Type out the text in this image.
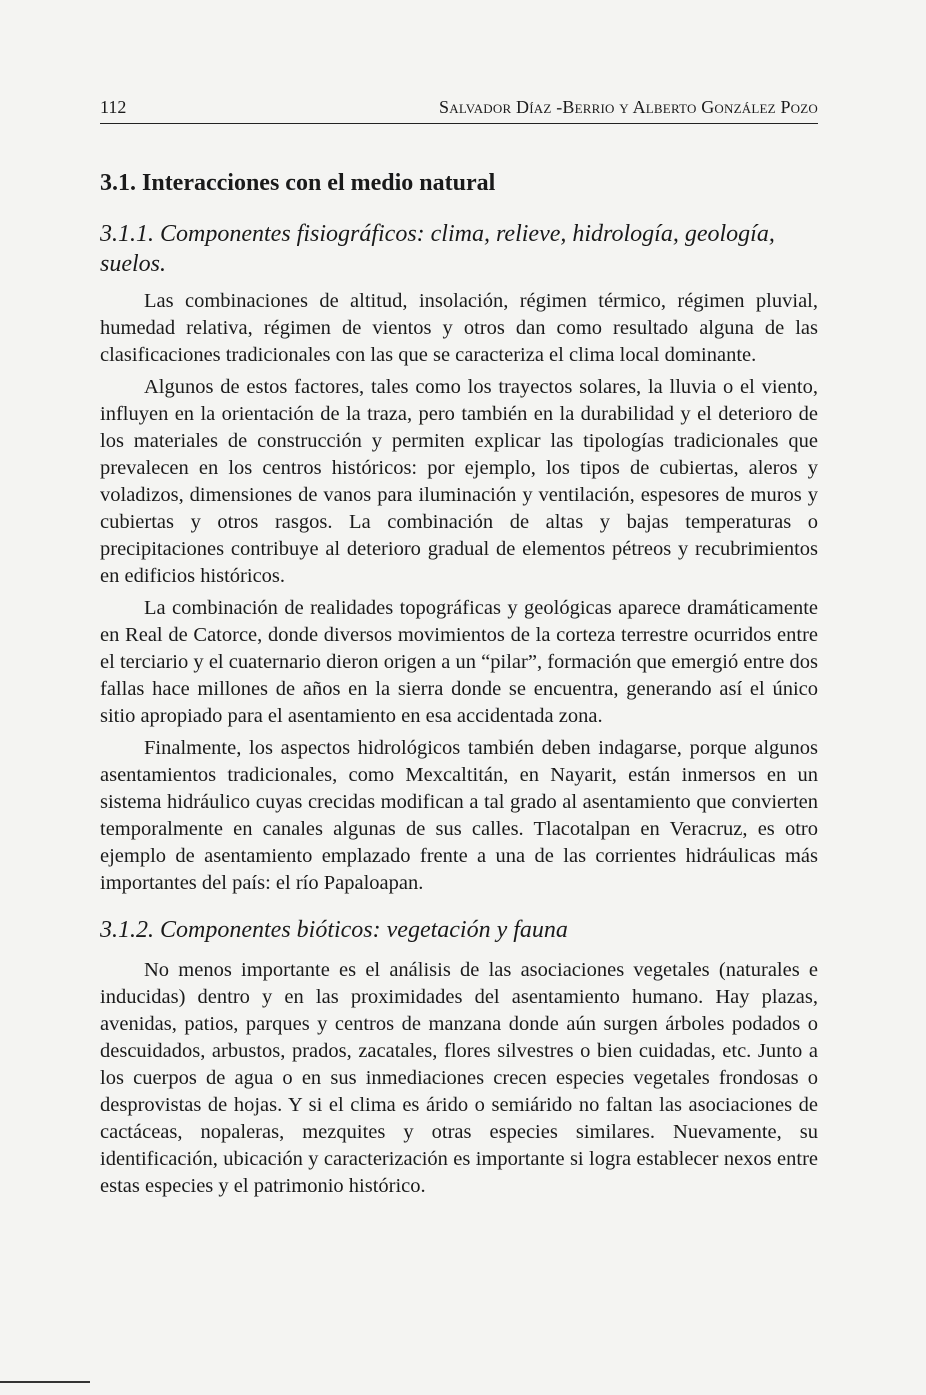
112	Salvador Díaz -Berrio y Alberto González Pozo
3.1. Interacciones con el medio natural
3.1.1. Componentes fisiográficos: clima, relieve, hidrología, geología, suelos.

Las combinaciones de altitud, insolación, régimen térmico, régimen pluvial, humedad relativa, régimen de vientos y otros dan como resultado alguna de las clasificaciones tradicionales con las que se caracteriza el clima local dominante.

Algunos de estos factores, tales como los trayectos solares, la lluvia o el viento, influyen en la orientación de la traza, pero también en la durabilidad y el deterioro de los materiales de construcción y permiten explicar las tipologías tradicionales que prevalecen en los centros históricos: por ejemplo, los tipos de cubiertas, aleros y voladizos, dimensiones de vanos para iluminación y ventilación, espesores de muros y cubiertas y otros rasgos. La combinación de altas y bajas temperaturas o precipitaciones contribuye al deterioro gradual de elementos pétreos y recubrimientos en edificios históricos.

La combinación de realidades topográficas y geológicas aparece dramáticamente en Real de Catorce, donde diversos movimientos de la corteza terrestre ocurridos entre el terciario y el cuaternario dieron origen a un “pilar”, formación que emergió entre dos fallas hace millones de años en la sierra donde se encuentra, generando así el único sitio apropiado para el asentamiento en esa accidentada zona.

Finalmente, los aspectos hidrológicos también deben indagarse, porque algunos asentamientos tradicionales, como Mexcaltitán, en Nayarit, están inmersos en un sistema hidráulico cuyas crecidas modifican a tal grado al asentamiento que convierten temporalmente en canales algunas de sus calles. Tlacotalpan en Veracruz, es otro ejemplo de asentamiento emplazado frente a una de las corrientes hidráulicas más importantes del país: el río Papaloapan.

3.1.2. Componentes bióticos: vegetación y fauna

No menos importante es el análisis de las asociaciones vegetales (naturales e inducidas) dentro y en las proximidades del asentamiento humano. Hay plazas, avenidas, patios, parques y centros de manzana donde aún surgen árboles podados o descuidados, arbustos, prados, zacatales, flores silvestres o bien cuidadas, etc. Junto a los cuerpos de agua o en sus inmediaciones crecen especies vegetales frondosas o desprovistas de hojas. Y si el clima es árido o semiárido no faltan las asociaciones de cactáceas, nopaleras, mezquites y otras especies similares. Nuevamente, su identificación, ubicación y caracterización es importante si logra establecer nexos entre estas especies y el patrimonio histórico.
